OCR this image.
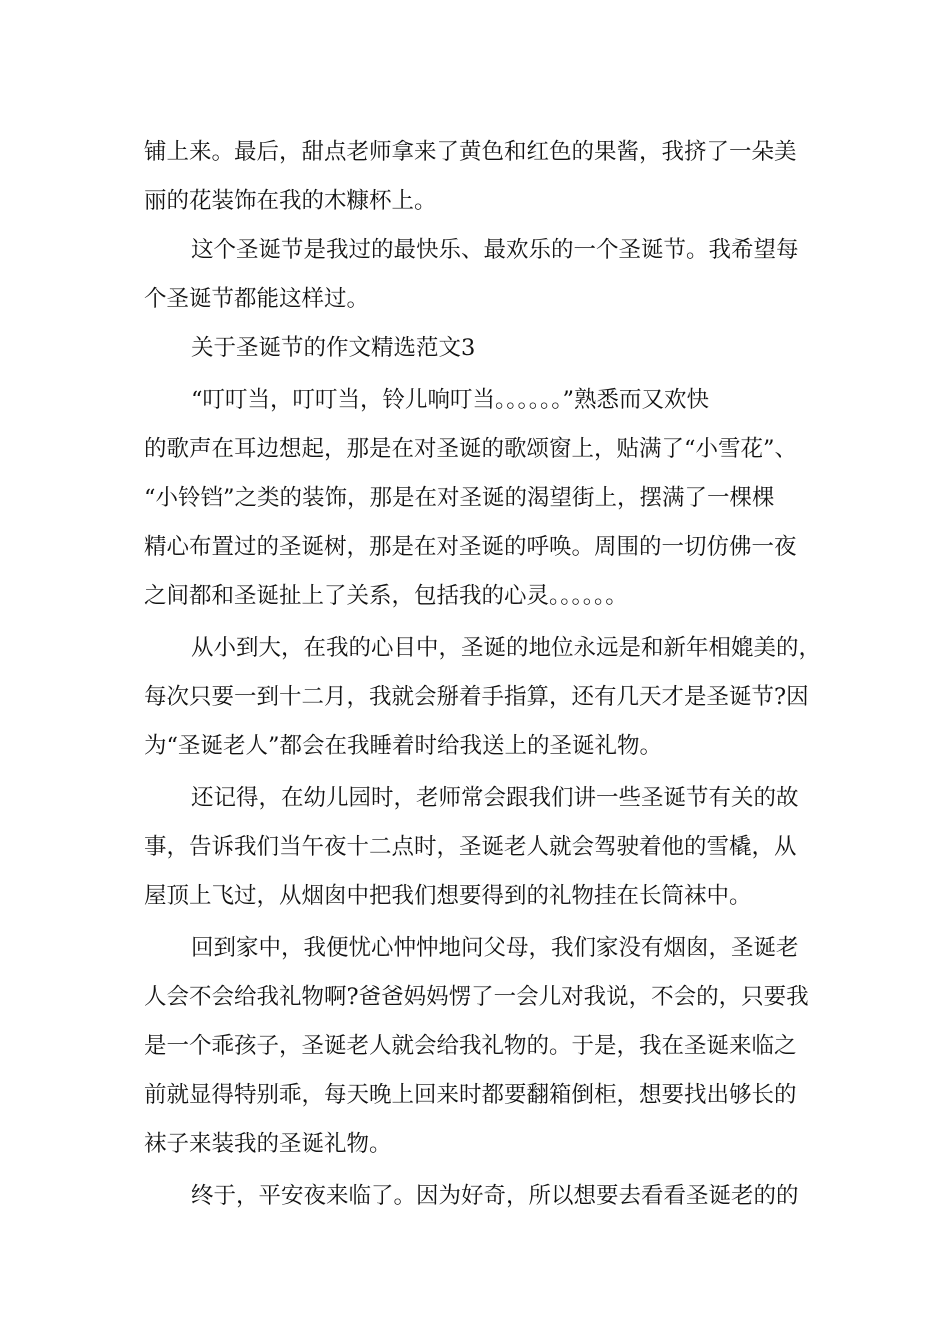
铺上来。最后，甜点老师拿来了黄色和红色的果酱，我挤了一朵美
丽的花装饰在我的木糠杯上。
这个圣诞节是我过的最快乐、最欢乐的一个圣诞节。我希望每
个圣诞节都能这样过。
关于圣诞节的作文精选范文3
“叮叮当，叮叮当，铃儿响叮当。。。。。。”熟悉而又欢快
的歌声在耳边想起，那是在对圣诞的歌颂窗上，贴满了“小雪花”、
“小铃铛”之类的装饰，那是在对圣诞的渴望街上，摆满了一棵棵
精心布置过的圣诞树，那是在对圣诞的呼唤。周围的一切仿佛一夜
之间都和圣诞扯上了关系，包括我的心灵。。。。。。
从小到大，在我的心目中，圣诞的地位永远是和新年相媲美的，
每次只要一到十二月，我就会掰着手指算，还有几天才是圣诞节?因
为“圣诞老人”都会在我睡着时给我送上的圣诞礼物。
还记得，在幼儿园时，老师常会跟我们讲一些圣诞节有关的故
事，告诉我们当午夜十二点时，圣诞老人就会驾驶着他的雪橇，从
屋顶上飞过，从烟囱中把我们想要得到的礼物挂在长筒袜中。
回到家中，我便忧心忡忡地问父母，我们家没有烟囱，圣诞老
人会不会给我礼物啊?爸爸妈妈愣了一会儿对我说，不会的，只要我
是一个乖孩子，圣诞老人就会给我礼物的。于是，我在圣诞来临之
前就显得特别乖，每天晚上回来时都要翻箱倒柜，想要找出够长的
袜子来装我的圣诞礼物。
终于，平安夜来临了。因为好奇，所以想要去看看圣诞老的的
